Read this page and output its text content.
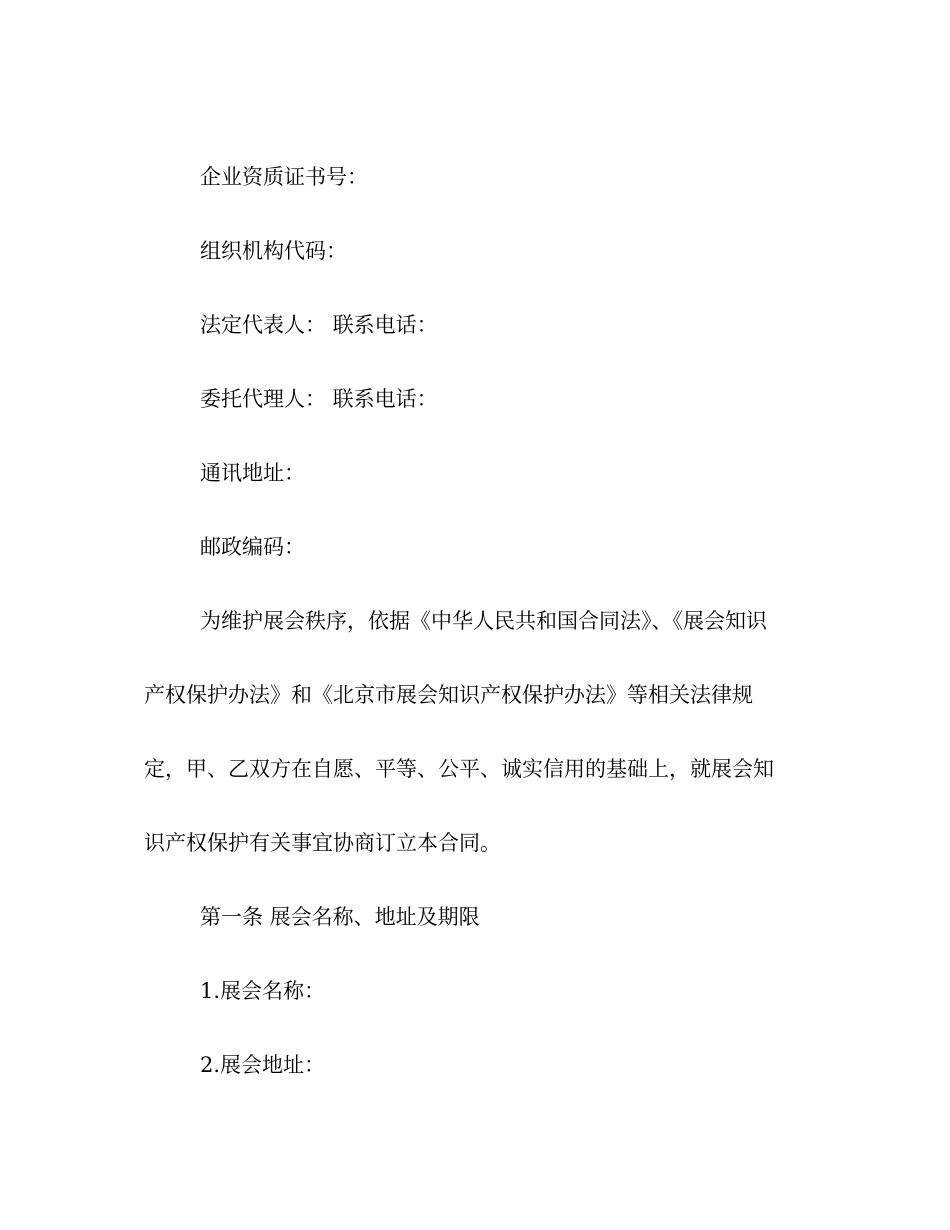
企业资质证书号：

组织机构代码：

法定代表人： 联系电话：

委托代理人： 联系电话：

通讯地址：

邮政编码：

为维护展会秩序，依据《中华人民共和国合同法》、《展会知识
产权保护办法》和《北京市展会知识产权保护办法》等相关法律规
定，甲、乙双方在自愿、平等、公平、诚实信用的基础上，就展会知
识产权保护有关事宜协商订立本合同。

第一条 展会名称、地址及期限

1.展会名称：

2.展会地址：
